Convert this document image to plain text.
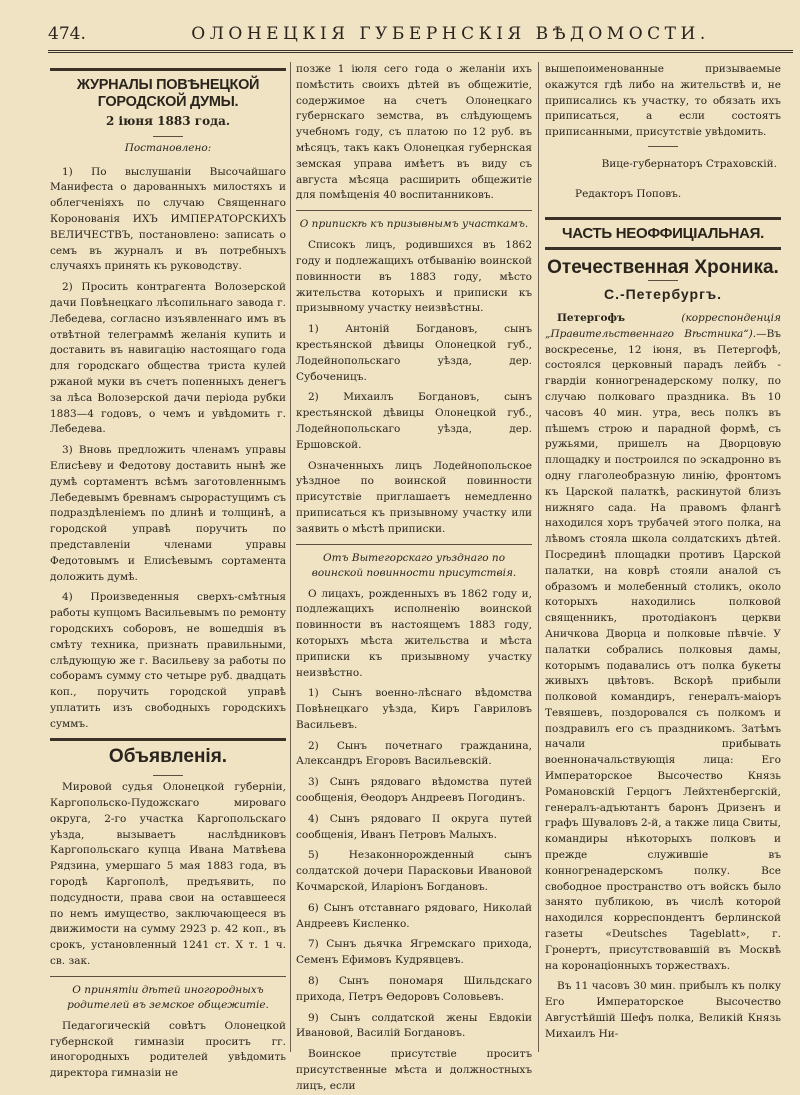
474.	ОЛОНЕЦКІЯ ГУБЕРНСКІЯ ВѢДОМОСТИ.
ЖУРНАЛЫ ПОВѢНЕЦКОЙ ГОРОДСКОЙ ДУМЫ.
2 іюня 1883 года.
Постановлено:

1) По выслушаніи Высочайшаго Манифеста о дарованныхъ милостяхъ и облегченіяхъ по случаю Священнаго Коронованія ИХЪ ИМПЕРАТОРСКИХЪ ВЕЛИЧЕСТВЪ, постановлено: записать о семъ въ журналъ и въ потребныхъ случаяхъ принять къ руководству.

2) Просить контрагента Волозерской дачи Повѣнецкаго лѣсопильнаго завода г. Лебедева, согласно изъявленнаго имъ въ отвѣтной телеграммѣ желанія купить и доставить въ навигацію настоящаго года для городскаго общества триста кулей ржаной муки въ счетъ попенныхъ денегъ за лѣса Волозерской дачи періода рубки 1883—4 годовъ, о чемъ и увѣдомить г. Лебедева.

3) Вновь предложить членамъ управы Елисѣеву и Федотову доставить нынѣ же думѣ сортаментъ всѣмъ заготовленнымъ Лебедевымъ бревнамъ сырорастущимъ съ подраздѣленіемъ по длинѣ и толщинѣ, а городской управѣ поручить по представленіи членами управы Федотовымъ и Елисѣевымъ сортамента доложить думѣ.

4) Произведенныя сверхъ-смѣтныя работы купцомъ Васильевымъ по ремонту городскихъ соборовъ, не вошедшія въ смѣту техника, признать правильными, слѣдующую же г. Васильеву за работы по соборамъ сумму сто четыре руб. двадцать коп., поручить городской управѣ уплатить изъ свободныхъ городскихъ суммъ.

Объявленія.

Мировой судья Олонецкой губерніи, Каргопольско-Пудожскаго мироваго округа, 2-го участка Каргопольскаго уѣзда, вызываетъ наслѣдниковъ Каргопольскаго купца Ивана Матвѣева Рядзина, умершаго 5 мая 1883 года, въ городѣ Каргополѣ, предъявить, по подсудности, права свои на оставшееся по немъ имущество, заключающееся въ движимости на сумму 2923 р. 42 коп., въ срокъ, установленный 1241 ст. X т. 1 ч. св. зак.

О принятіи дѣтей иногородныхъ родителей въ земское общежитіе.

Педагогическій совѣтъ Олонецкой губернской гимназіи проситъ гг. иногородныхъ родителей увѣдомить директора гимназіи не

позже 1 іюля сего года о желаніи ихъ помѣстить своихъ дѣтей въ общежитіе, содержимое на счетъ Олонецкаго губернскаго земства, въ слѣдующемъ учебномъ году, съ платою по 12 руб. въ мѣсяцъ, такъ какъ Олонецкая губернская земская управа имѣетъ въ виду съ августа мѣсяца расширить общежитіе для помѣщенія 40 воспитанниковъ.

О припискѣ къ призывнымъ участкамъ.

Списокъ лицъ, родившихся въ 1862 году и подлежащихъ отбыванію воинской повинности въ 1883 году, мѣсто жительства которыхъ и приписки къ призывному участку неизвѣстны.

1) Антоній Богдановъ, сынъ крестьянской дѣвицы Олонецкой губ., Лодейнопольскаго уѣзда, дер. Субоченицъ.

2) Михаилъ Богдановъ, сынъ крестьянской дѣвицы Олонецкой губ., Лодейнопольскаго уѣзда, дер. Ершовской.

Означенныхъ лицъ Лодейнопольское уѣздное по воинской повинности присутствіе приглашаетъ немедленно приписаться къ призывному участку или заявить о мѣстѣ приписки.

Отъ Вытегорскаго уѣзднаго по воинской повинности присутствія.

О лицахъ, рожденныхъ въ 1862 году и, подлежащихъ исполненію воинской повинности въ настоящемъ 1883 году, которыхъ мѣста жительства и мѣста приписки къ призывному участку неизвѣстно.

1) Сынъ военно-лѣснаго вѣдомства Повѣнецкаго уѣзда, Киръ Гавриловъ Васильевъ.

2) Сынъ почетнаго гражданина, Александръ Егоровъ Васильевскій.

3) Сынъ рядоваго вѣдомства путей сообщенія, Ѳеодоръ Андреевъ Погодинъ.

4) Сынъ рядоваго II округа путей сообщенія, Иванъ Петровъ Малыхъ.

5) Незаконнорожденный сынъ солдатской дочери Парасковьи Ивановой Кочмарской, Иларіонъ Богдановъ.

6) Сынъ отставнаго рядоваго, Николай Андреевъ Кисленко.

7) Сынъ дьячка Ягремскаго прихода, Семенъ Ефимовъ Кудрявцевъ.

8) Сынъ пономаря Шильдскаго прихода, Петръ Ѳедоровъ Соловьевъ.

9) Сынъ солдатской жены Евдокіи Ивановой, Василій Богдановъ.

Воинское присутствіе проситъ присутственные мѣста и должностныхъ лицъ, если

вышепоименованные призываемые окажутся гдѣ либо на жительствѣ и, не приписались къ участку, то обязать ихъ приписаться, а если состоятъ приписанными, присутствіе увѣдомить.

Вице-губернаторъ Страховскій.

Редакторъ Поповъ.

ЧАСТЬ НЕОФФИЦІАЛЬНАЯ.
Отечественная Хроника.
С.-Петербургъ.

Петергофъ	(корреспонденція „Правительственнаго Вѣстника“).—Въ воскресенье, 12 іюня, въ Петергофѣ, состоялся церковный парадъ лейбъ - гвардіи конногренадерскому полку, по случаю полковаго праздника. Въ 10 часовъ 40 мин. утра, весь полкъ въ пѣшемъ строю и парадной формѣ, съ ружьями, пришелъ на Дворцовую площадку и построился по эскадронно въ одну глаголеобразную линію, фронтомъ къ Царской палаткѣ, раскинутой близъ нижняго сада. На правомъ флангѣ находился хоръ трубачей этого полка, на лѣвомъ стояла школа солдатскихъ дѣтей. Посрединѣ площадки противъ Царской палатки, на коврѣ стояли аналой съ образомъ и молебенный столикъ, около которыхъ находились полковой священникъ, протодіаконъ церкви Аничкова Дворца и полковые пѣвчіе. У палатки собрались полковыя дамы, которымъ подавались отъ полка букеты живыхъ цвѣтовъ. Вскорѣ прибыли полковой командиръ, генералъ-маіоръ Тевяшевъ, поздоровался съ полкомъ и поздравилъ его съ праздникомъ. Затѣмъ начали прибывать военноначальствующія лица: Его Императорское Высочество Князь Романовскій Герцогъ Лейхтенбергскій, генералъ-адъютантъ баронъ Дризенъ и графъ Шуваловъ 2-й, а также лица Свиты, командиры нѣкоторыхъ полковъ и прежде служившіе въ конногренадерскомъ полку. Все свободное пространство отъ войскъ было занято публикою, въ числѣ которой находился корреспондентъ берлинской газеты «Deutsches Tageblatt», г. Гронертъ, присутствовавшій въ Москвѣ на коронаціонныхъ торжествахъ.

Въ 11 часовъ 30 мин. прибылъ къ полку Его Императорское Высочество Августѣйшій Шефъ полка, Великій Князь Михаилъ Ни-
